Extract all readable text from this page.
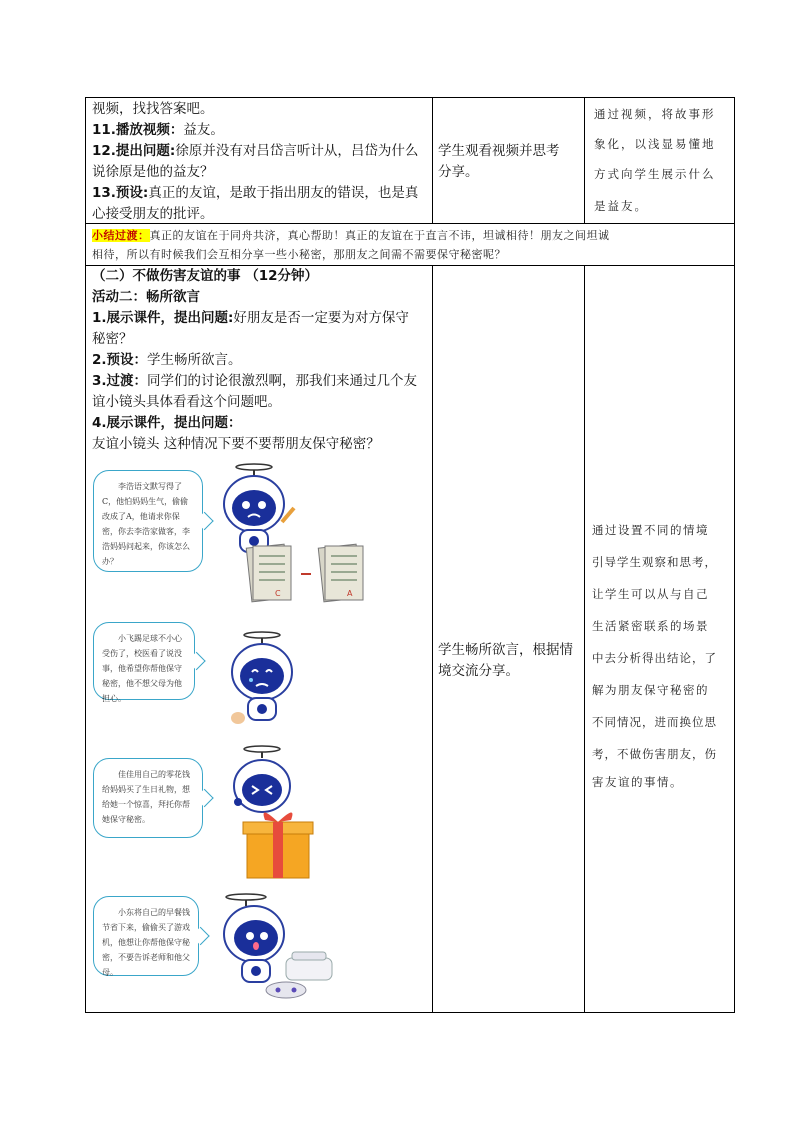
视频，找找答案吧。
11.播放视频：益友。
12.提出问题:徐原并没有对吕岱言听计从，吕岱为什么
说徐原是他的益友？
13.预设:真正的友谊，是敢于指出朋友的错误，也是真
心接受朋友的批评。
学生观看视频并思考
分享。
通过视频，将故事形
象化，以浅显易懂地
方式向学生展示什么
是益友。
小结过渡：真正的友谊在于同舟共济，真心帮助！真正的友谊在于直言不讳，坦诚相待！朋友之间坦诚
相待，所以有时候我们会互相分享一些小秘密，那朋友之间需不需要保守秘密呢？
（二）不做伤害友谊的事 （12分钟）
活动二：畅所欲言
1.展示课件，提出问题:好朋友是否一定要为对方保守
秘密？
2.预设：学生畅所欲言。
3.过渡：同学们的讨论很激烈啊，那我们来通过几个友
谊小镜头具体看看这个问题吧。
4.展示课件，提出问题：
友谊小镜头 这种情况下要不要帮朋友保守秘密？
李浩语文默写得了C，他怕妈妈生气，偷偷改成了A，他请求你保密，你去李浩家做客，李浩妈妈问起来，你该怎么办？
C	A
小飞踢足球不小心受伤了，校医看了说没事，他希望你帮他保守秘密，他不想父母为他担心。
佳佳用自己的零花钱给妈妈买了生日礼物，想给她一个惊喜，拜托你帮她保守秘密。
小东将自己的早餐钱节省下来，偷偷买了游戏机，他想让你帮他保守秘密，不要告诉老师和他父母。
学生畅所欲言，根据情
境交流分享。
通过设置不同的情境
引导学生观察和思考，
让学生可以从与自己
生活紧密联系的场景
中去分析得出结论，了
解为朋友保守秘密的
不同情况，进而换位思
考，不做伤害朋友，伤
害友谊的事情。
